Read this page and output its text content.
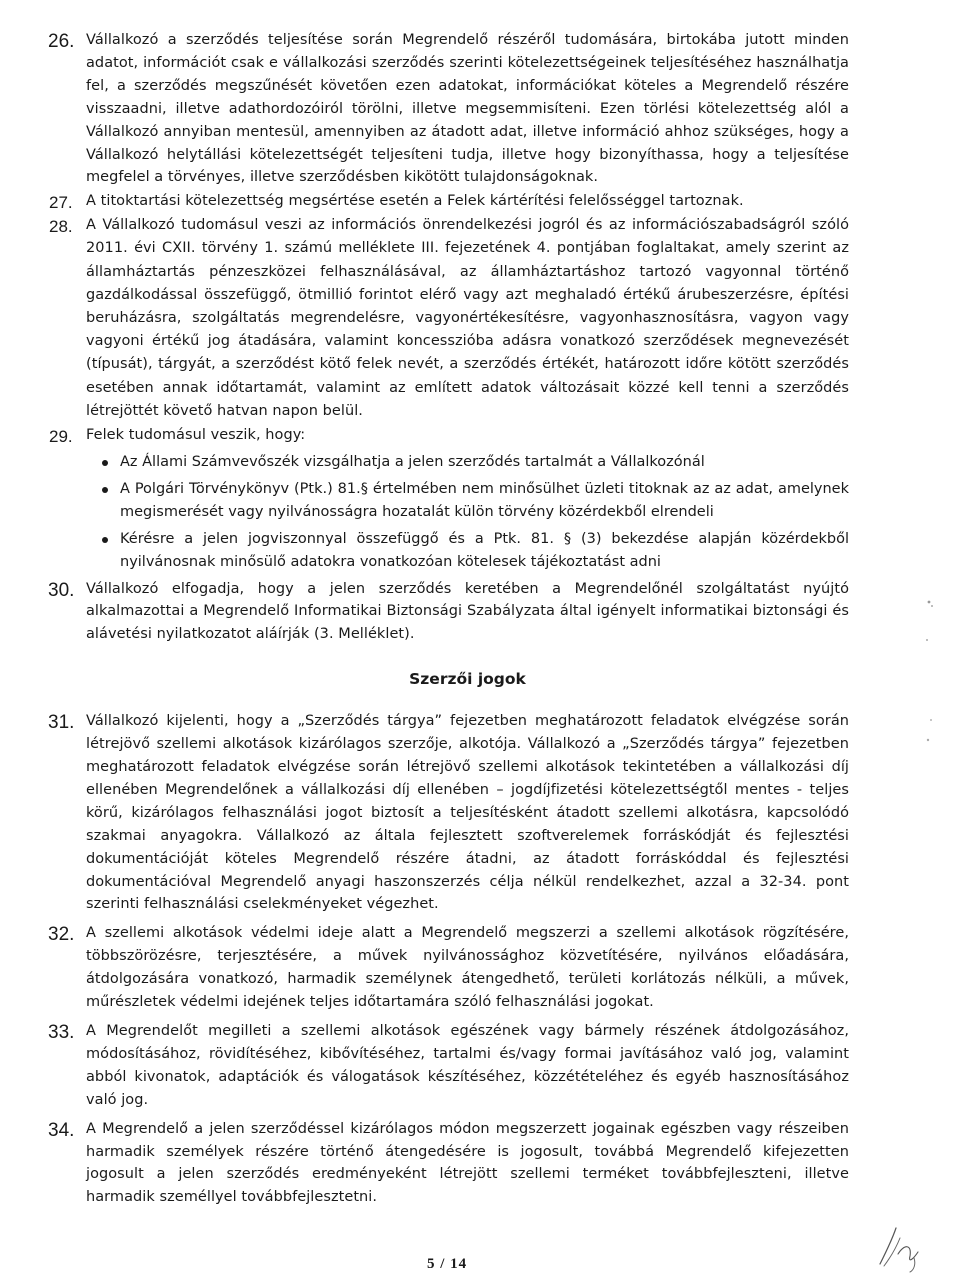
26. Vállalkozó a szerződés teljesítése során Megrendelő részéről tudomására, birtokába jutott minden adatot, információt csak e vállalkozási szerződés szerinti kötelezettségeinek teljesítéséhez használhatja fel, a szerződés megszűnését követően ezen adatokat, információkat köteles a Megrendelő részére visszaadni, illetve adathordozóiról törölni, illetve megsemmisíteni. Ezen törlési kötelezettség alól a Vállalkozó annyiban mentesül, amennyiben az átadott adat, illetve információ ahhoz szükséges, hogy a Vállalkozó helytállási kötelezettségét teljesíteni tudja, illetve hogy bizonyíthassa, hogy a teljesítése megfelel a törvényes, illetve szerződésben kikötött tulajdonságoknak.

27. A titoktartási kötelezettség megsértése esetén a Felek kártérítési felelősséggel tartoznak.

28. A Vállalkozó tudomásul veszi az információs önrendelkezési jogról és az információszabadságról szóló 2011. évi CXII. törvény 1. számú melléklete III. fejezetének 4. pontjában foglaltakat, amely szerint az államháztartás pénzeszközei felhasználásával, az államháztartáshoz tartozó vagyonnal történő gazdálkodással összefüggő, ötmillió forintot elérő vagy azt meghaladó értékű árubeszerzésre, építési beruházásra, szolgáltatás megrendelésre, vagyonértékesítésre, vagyonhasznosításra, vagyon vagy vagyoni értékű jog átadására, valamint koncesszióba adásra vonatkozó szerződések megnevezését (típusát), tárgyát, a szerződést kötő felek nevét, a szerződés értékét, határozott időre kötött szerződés esetében annak időtartamát, valamint az említett adatok változásait közzé kell tenni a szerződés létrejöttét követő hatvan napon belül.

29. Felek tudomásul veszik, hogy:

Az Állami Számvevőszék vizsgálhatja a jelen szerződés tartalmát a Vállalkozónál
A Polgári Törvénykönyv (Ptk.) 81.§ értelmében nem minősülhet üzleti titoknak az az adat, amelynek megismerését vagy nyilvánosságra hozatalát külön törvény közérdekből elrendeli
Kérésre a jelen jogviszonnyal összefüggő és a Ptk. 81. § (3) bekezdése alapján közérdekből nyilvánosnak minősülő adatokra vonatkozóan kötelesek tájékoztatást adni
30. Vállalkozó elfogadja, hogy a jelen szerződés keretében a Megrendelőnél szolgáltatást nyújtó alkalmazottai a Megrendelő Informatikai Biztonsági Szabályzata által igényelt informatikai biztonsági és alávetési nyilatkozatot aláírják (3. Melléklet).

Szerzői jogok
31. Vállalkozó kijelenti, hogy a „Szerződés tárgya” fejezetben meghatározott feladatok elvégzése során létrejövő szellemi alkotások kizárólagos szerzője, alkotója. Vállalkozó a „Szerződés tárgya” fejezetben meghatározott feladatok elvégzése során létrejövő szellemi alkotások tekintetében a vállalkozási díj ellenében Megrendelőnek a vállalkozási díj ellenében – jogdíjfizetési kötelezettségtől mentes - teljes körű, kizárólagos felhasználási jogot biztosít a teljesítésként átadott szellemi alkotásra, kapcsolódó szakmai anyagokra. Vállalkozó az általa fejlesztett szoftverelemek forráskódját és fejlesztési dokumentációját köteles Megrendelő részére átadni, az átadott forráskóddal és fejlesztési dokumentációval Megrendelő anyagi haszonszerzés célja nélkül rendelkezhet, azzal a 32-34. pont szerinti felhasználási cselekményeket végezhet.

32. A szellemi alkotások védelmi ideje alatt a Megrendelő megszerzi a szellemi alkotások rögzítésére, többszörözésre, terjesztésére, a művek nyilvánossághoz közvetítésére, nyilvános előadására, átdolgozására vonatkozó, harmadik személynek átengedhető, területi korlátozás nélküli, a művek, műrészletek védelmi idejének teljes időtartamára szóló felhasználási jogokat.

33. A Megrendelőt megilleti a szellemi alkotások egészének vagy bármely részének átdolgozásához, módosításához, rövidítéséhez, kibővítéséhez, tartalmi és/vagy formai javításához való jog, valamint abból kivonatok, adaptációk és válogatások készítéséhez, közzétételéhez és egyéb hasznosításához való jog.

34. A Megrendelő a jelen szerződéssel kizárólagos módon megszerzett jogainak egészben vagy részeiben harmadik személyek részére történő átengedésére is jogosult, továbbá Megrendelő kifejezetten jogosult a jelen szerződés eredményeként létrejött szellemi terméket továbbfejleszteni, illetve harmadik személlyel továbbfejlesztetni.

5 / 14
